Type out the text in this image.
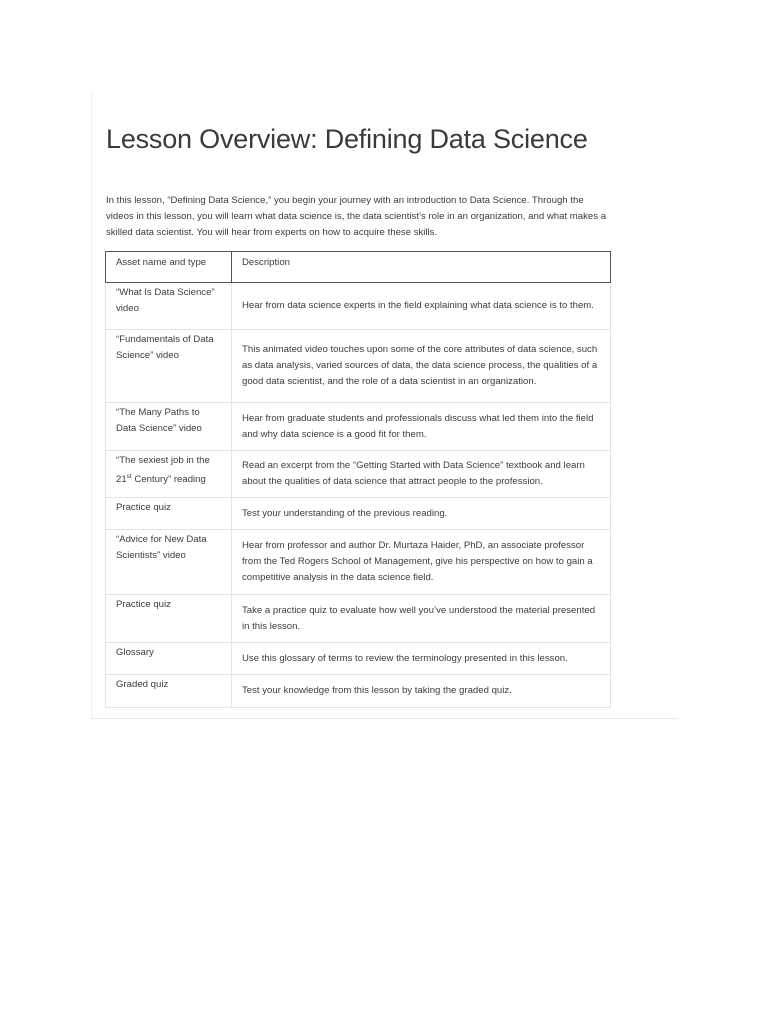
Lesson Overview: Defining Data Science

In this lesson, “Defining Data Science,” you begin your journey with an introduction to Data Science. Through the videos in this lesson, you will learn what data science is, the data scientist’s role in an organization, and what makes a skilled data scientist. You will hear from experts on how to acquire these skills.

Asset name and type	Description
“What Is Data Science” video	Hear from data science experts in the field explaining what data science is to them.
“Fundamentals of Data Science” video	This animated video touches upon some of the core attributes of data science, such as data analysis, varied sources of data, the data science process, the qualities of a good data scientist, and the role of a data scientist in an organization.
“The Many Paths to Data Science” video	Hear from graduate students and professionals discuss what led them into the field and why data science is a good fit for them.
“The sexiest job in the 21st Century” reading	Read an excerpt from the “Getting Started with Data Science” textbook and learn about the qualities of data science that attract people to the profession.
Practice quiz	Test your understanding of the previous reading.
“Advice for New Data Scientists” video	Hear from professor and author Dr. Murtaza Haider, PhD, an associate professor from the Ted Rogers School of Management, give his perspective on how to gain a competitive analysis in the data science field.
Practice quiz	Take a practice quiz to evaluate how well you’ve understood the material presented in this lesson.
Glossary	Use this glossary of terms to review the terminology presented in this lesson.
Graded quiz	Test your knowledge from this lesson by taking the graded quiz.
